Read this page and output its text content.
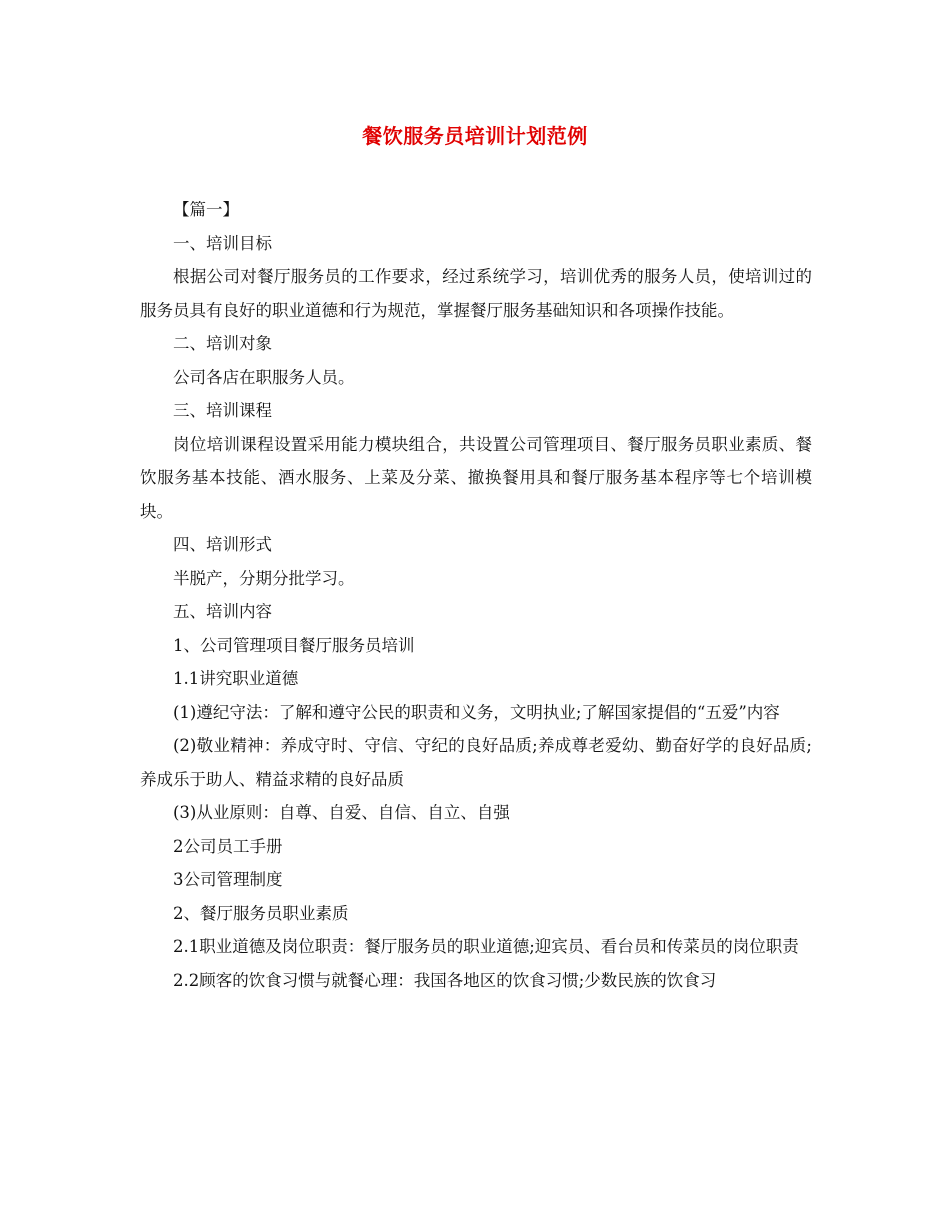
餐饮服务员培训计划范例

【篇一】

一、培训目标

根据公司对餐厅服务员的工作要求，经过系统学习，培训优秀的服务人员，使培训过的服务员具有良好的职业道德和行为规范，掌握餐厅服务基础知识和各项操作技能。

二、培训对象

公司各店在职服务人员。

三、培训课程

岗位培训课程设置采用能力模块组合，共设置公司管理项目、餐厅服务员职业素质、餐饮服务基本技能、酒水服务、上菜及分菜、撤换餐用具和餐厅服务基本程序等七个培训模块。

四、培训形式

半脱产，分期分批学习。

五、培训内容

1、公司管理项目餐厅服务员培训

1.1讲究职业道德

(1)遵纪守法：了解和遵守公民的职责和义务，文明执业;了解国家提倡的“五爱”内容

(2)敬业精神：养成守时、守信、守纪的良好品质;养成尊老爱幼、勤奋好学的良好品质;养成乐于助人、精益求精的良好品质

(3)从业原则：自尊、自爱、自信、自立、自强

2公司员工手册

3公司管理制度

2、餐厅服务员职业素质

2.1职业道德及岗位职责：餐厅服务员的职业道德;迎宾员、看台员和传菜员的岗位职责

2.2顾客的饮食习惯与就餐心理：我国各地区的饮食习惯;少数民族的饮食习
